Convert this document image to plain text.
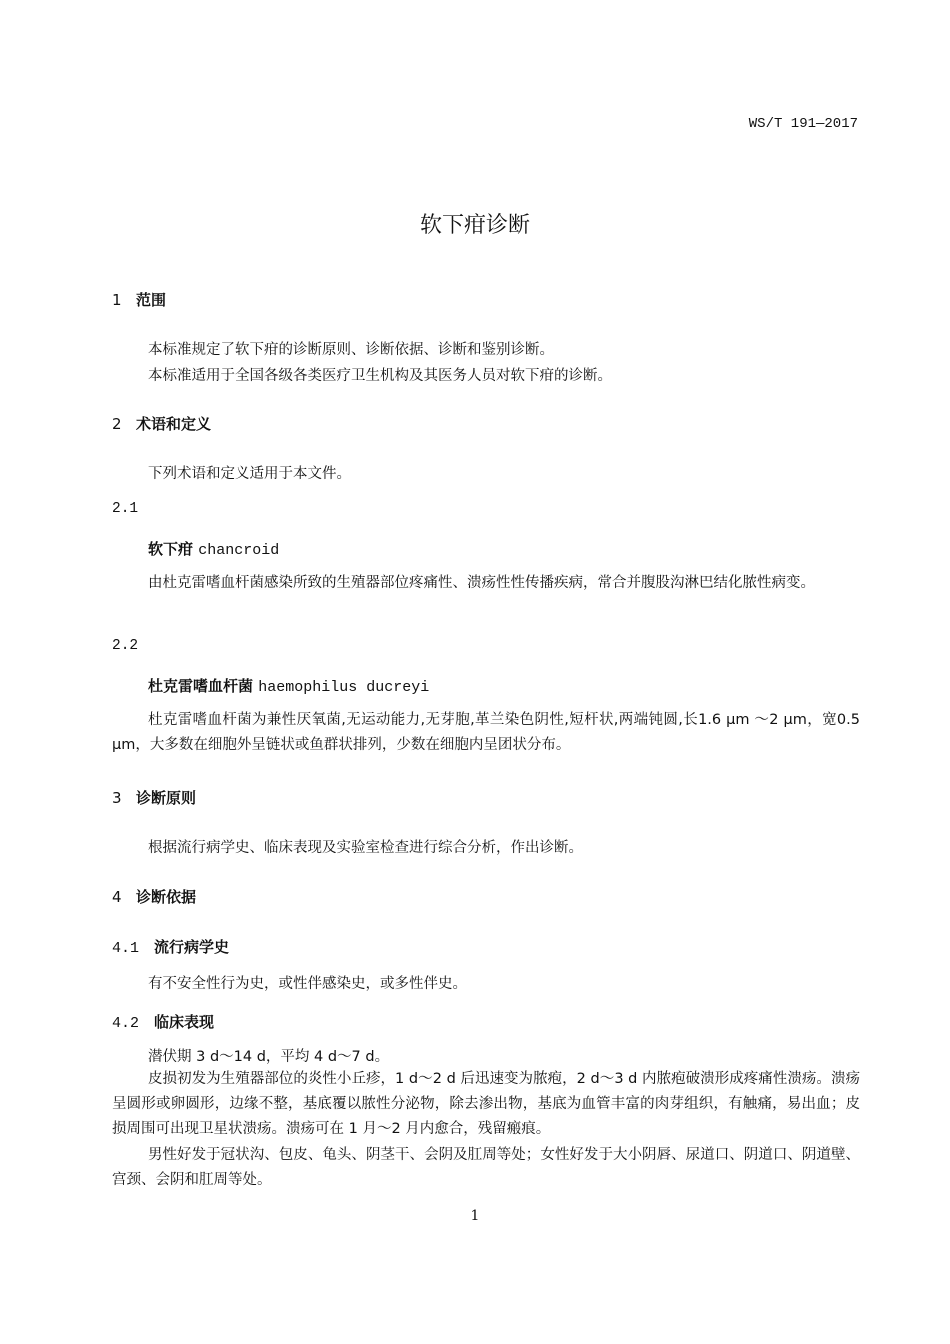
WS/T 191—2017
软下疳诊断
1 范围
本标准规定了软下疳的诊断原则、诊断依据、诊断和鉴别诊断。
本标准适用于全国各级各类医疗卫生机构及其医务人员对软下疳的诊断。
2 术语和定义
下列术语和定义适用于本文件。
2.1
软下疳 chancroid
由杜克雷嗜血杆菌感染所致的生殖器部位疼痛性、溃疡性性传播疾病，常合并腹股沟淋巴结化脓性病变。
2.2
杜克雷嗜血杆菌 haemophilus ducreyi
杜克雷嗜血杆菌为兼性厌氧菌,无运动能力,无芽胞,革兰染色阴性,短杆状,两端钝圆,长1.6 μm ～2 μm，宽0.5 μm，大多数在细胞外呈链状或鱼群状排列，少数在细胞内呈团状分布。
3 诊断原则
根据流行病学史、临床表现及实验室检查进行综合分析，作出诊断。
4 诊断依据
4.1 流行病学史
有不安全性行为史，或性伴感染史，或多性伴史。
4.2 临床表现
潜伏期 3 d～14 d，平均 4 d～7 d。
皮损初发为生殖器部位的炎性小丘疹，1 d～2 d 后迅速变为脓疱，2 d～3 d 内脓疱破溃形成疼痛性溃疡。溃疡呈圆形或卵圆形，边缘不整，基底覆以脓性分泌物，除去渗出物，基底为血管丰富的肉芽组织，有触痛，易出血；皮损周围可出现卫星状溃疡。溃疡可在 1 月～2 月内愈合，残留瘢痕。
男性好发于冠状沟、包皮、龟头、阴茎干、会阴及肛周等处；女性好发于大小阴唇、尿道口、阴道口、阴道壁、宫颈、会阴和肛周等处。
1
